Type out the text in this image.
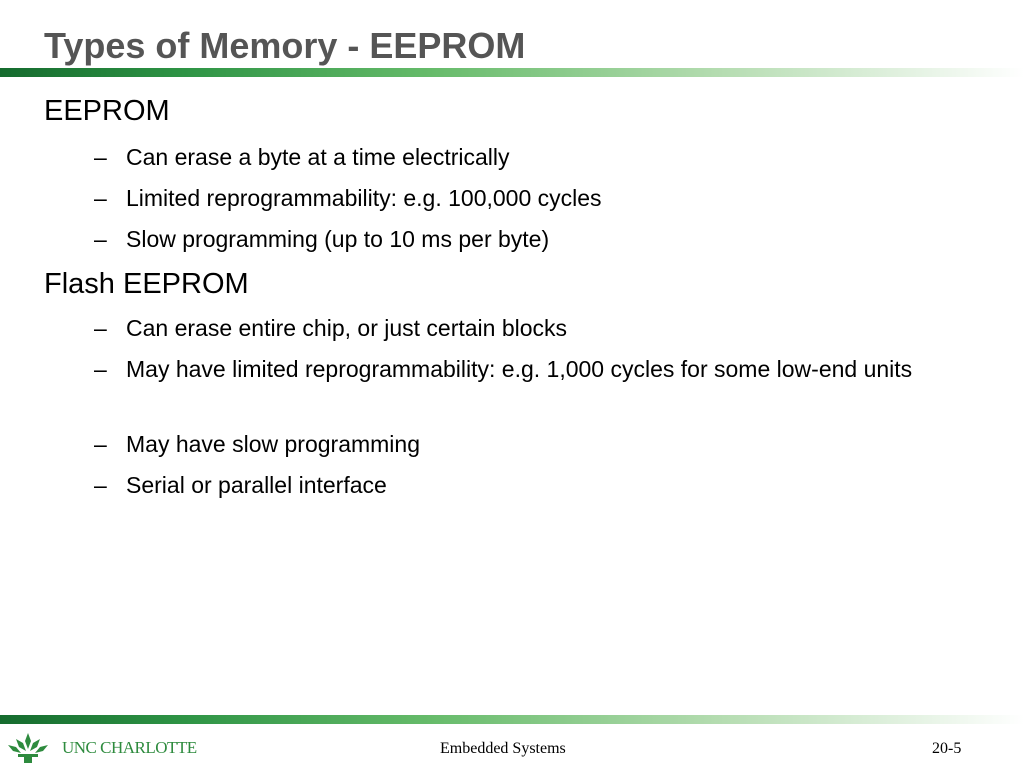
Types of Memory - EEPROM
EEPROM
– Can erase a byte at a time electrically
– Limited reprogrammability: e.g. 100,000 cycles
– Slow programming (up to 10 ms per byte)
Flash EEPROM
– Can erase entire chip, or just certain blocks
– May have limited reprogrammability: e.g. 1,000 cycles for some low-end units
– May have slow programming
– Serial or parallel interface
UNC CHARLOTTE	Embedded Systems	20-5
